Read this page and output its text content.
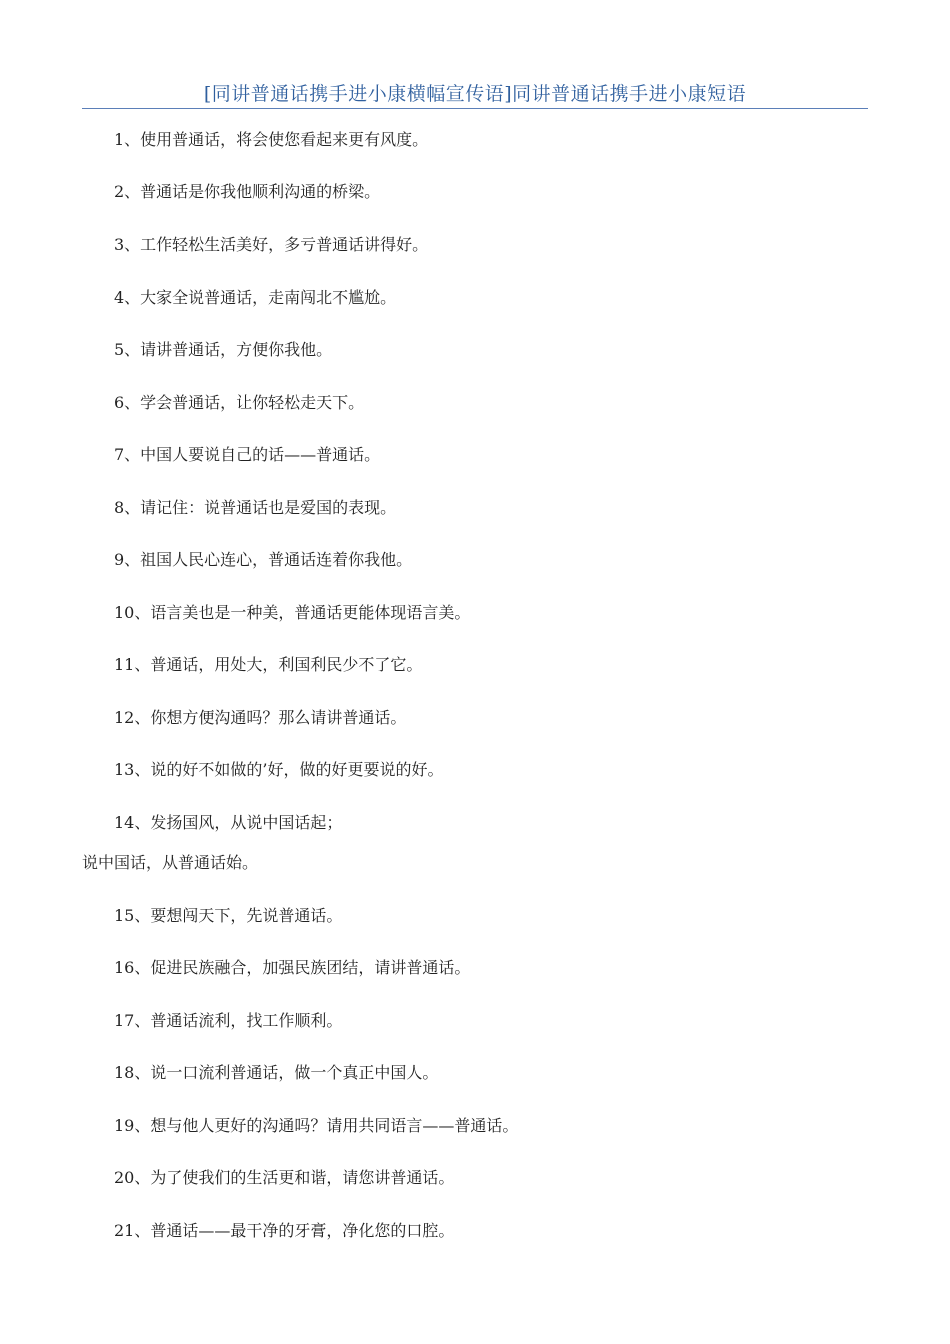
[同讲普通话携手进小康横幅宣传语]同讲普通话携手进小康短语
1、使用普通话，将会使您看起来更有风度。
2、普通话是你我他顺利沟通的桥梁。
3、工作轻松生活美好，多亏普通话讲得好。
4、大家全说普通话，走南闯北不尴尬。
5、请讲普通话，方便你我他。
6、学会普通话，让你轻松走天下。
7、中国人要说自己的话——普通话。
8、请记住：说普通话也是爱国的表现。
9、祖国人民心连心，普通话连着你我他。
10、语言美也是一种美，普通话更能体现语言美。
11、普通话，用处大，利国利民少不了它。
12、你想方便沟通吗？那么请讲普通话。
13、说的好不如做的’好，做的好更要说的好。
14、发扬国风，从说中国话起；
说中国话，从普通话始。
15、要想闯天下，先说普通话。
16、促进民族融合，加强民族团结，请讲普通话。
17、普通话流利，找工作顺利。
18、说一口流利普通话，做一个真正中国人。
19、想与他人更好的沟通吗？请用共同语言——普通话。
20、为了使我们的生活更和谐，请您讲普通话。
21、普通话——最干净的牙膏，净化您的口腔。
